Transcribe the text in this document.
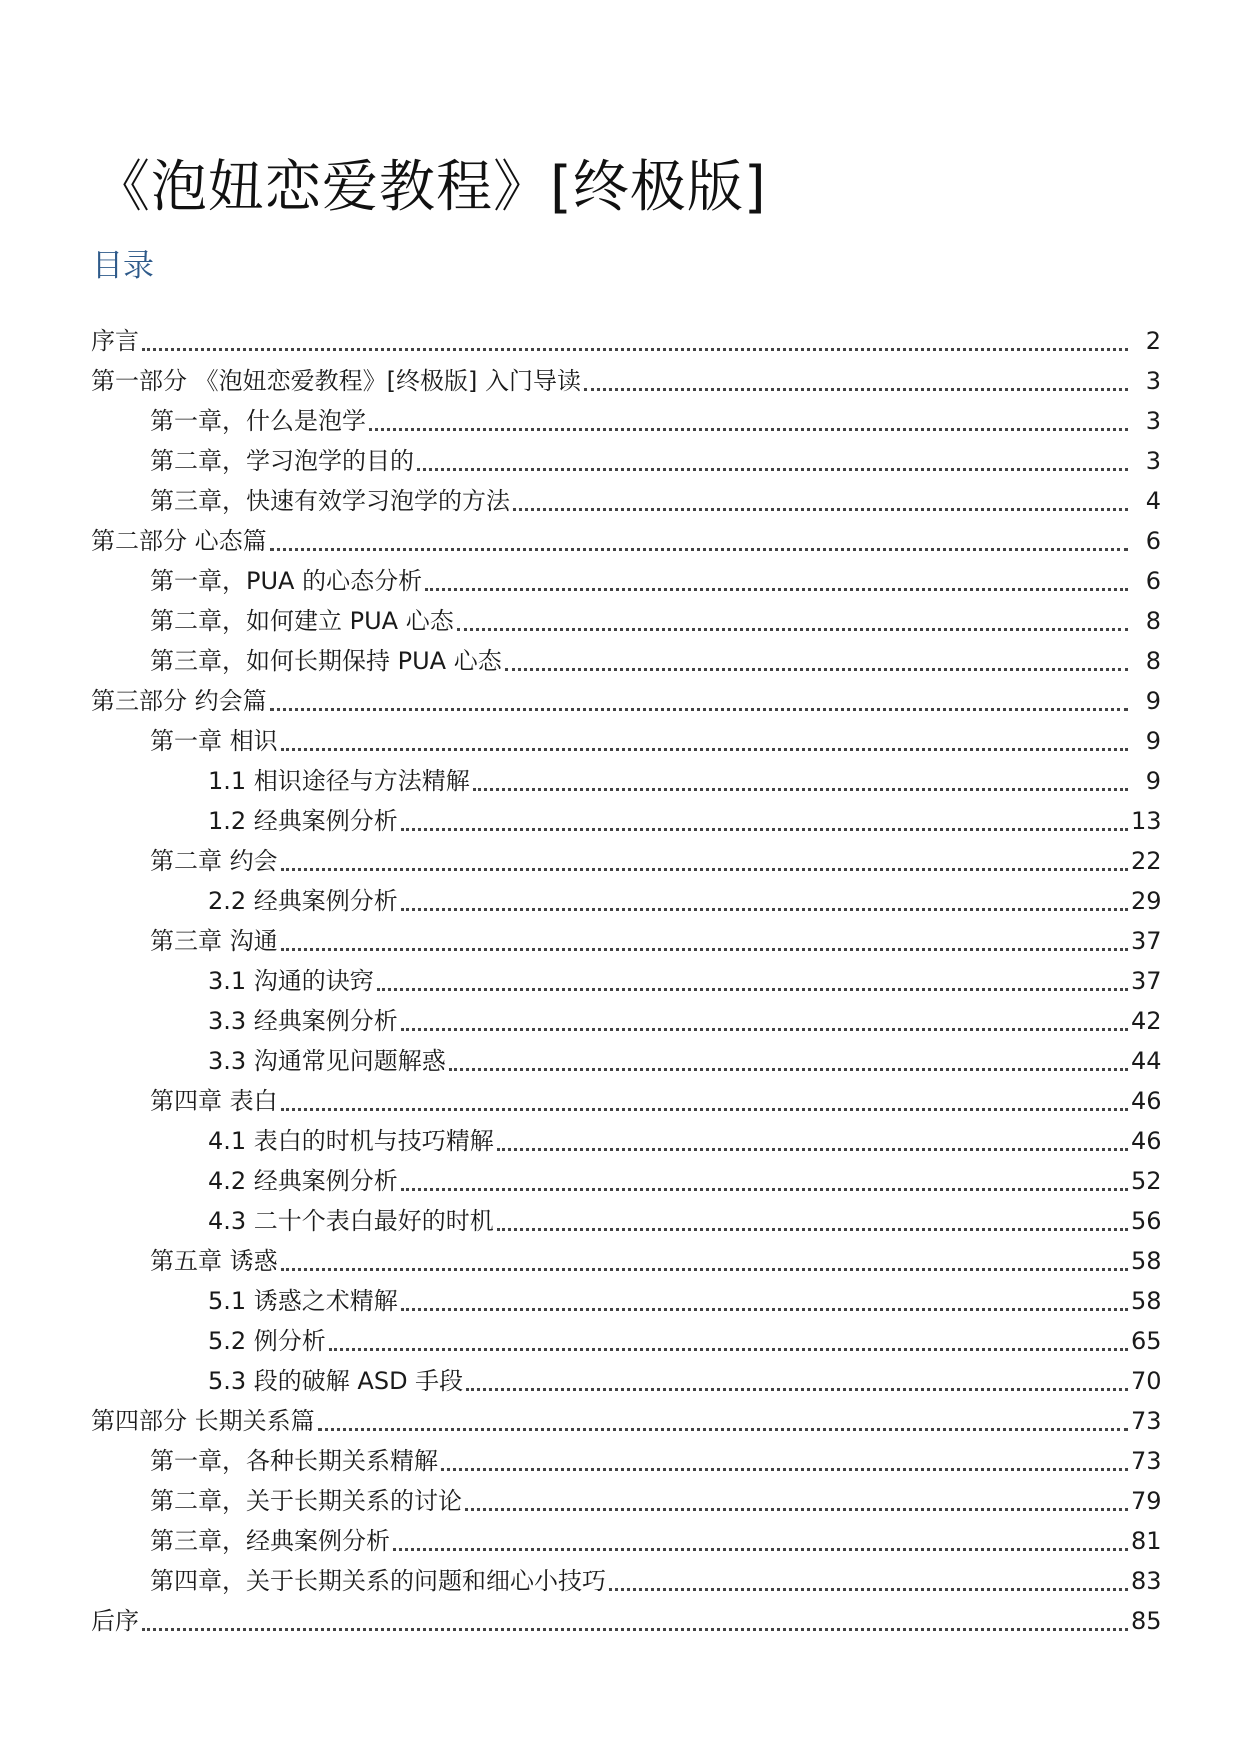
《泡妞恋爱教程》[终极版]
目录
序言	2
第一部分 《泡妞恋爱教程》[终极版] 入门导读	3
第一章，什么是泡学	3
第二章，学习泡学的目的	3
第三章，快速有效学习泡学的方法	4
第二部分 心态篇	6
第一章，PUA 的心态分析	6
第二章，如何建立 PUA 心态	8
第三章，如何长期保持 PUA 心态	8
第三部分 约会篇	9
第一章 相识	9
1.1 相识途径与方法精解	9
1.2 经典案例分析	13
第二章 约会	22
2.2 经典案例分析	29
第三章 沟通	37
3.1 沟通的诀窍	37
3.3 经典案例分析	42
3.3 沟通常见问题解惑	44
第四章 表白	46
4.1 表白的时机与技巧精解	46
4.2 经典案例分析	52
4.3 二十个表白最好的时机	56
第五章 诱惑	58
5.1 诱惑之术精解	58
5.2 例分析	65
5.3 段的破解 ASD 手段	70
第四部分 长期关系篇	73
第一章，各种长期关系精解	73
第二章，关于长期关系的讨论	79
第三章，经典案例分析	81
第四章，关于长期关系的问题和细心小技巧	83
后序	85
